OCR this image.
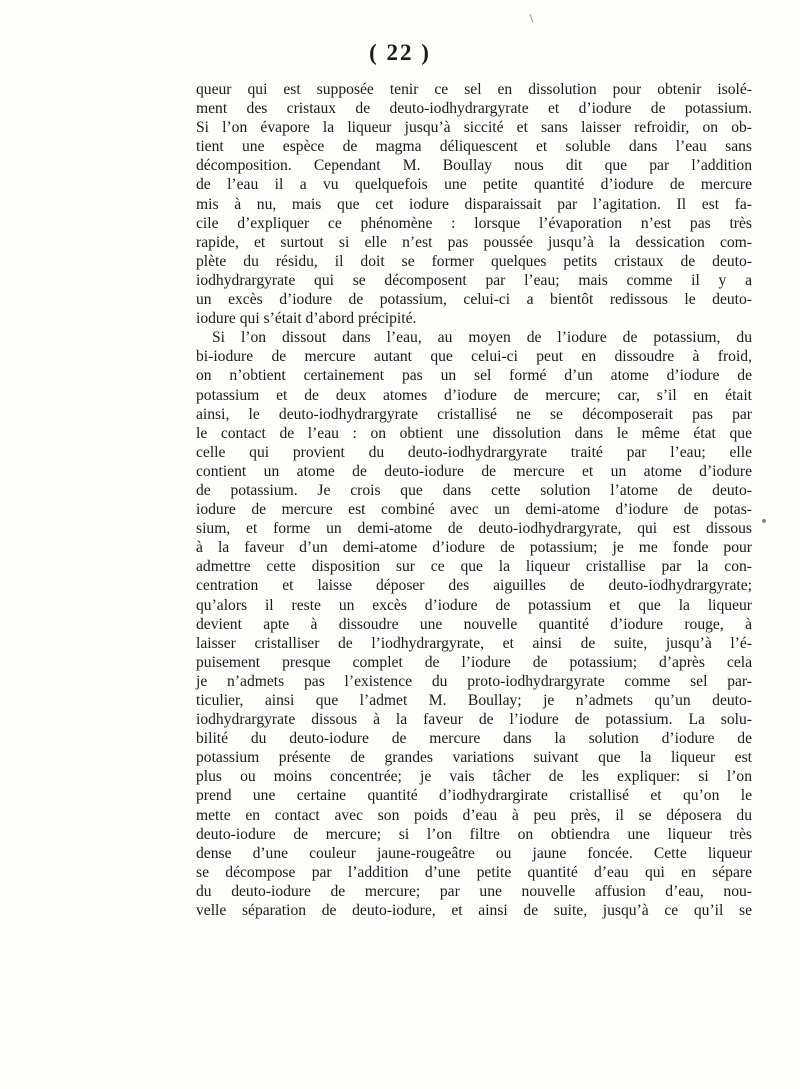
( 22 )
queur qui est supposée tenir ce sel en dissolution pour obtenir isolé-
ment des cristaux de deuto-iodhydrargyrate et d’iodure de potassium.
Si l’on évapore la liqueur jusqu’à siccité et sans laisser refroidir, on ob-
tient une espèce de magma déliquescent et soluble dans l’eau sans
décomposition. Cependant M. Boullay nous dit que par l’addition
de l’eau il a vu quelquefois une petite quantité d’iodure de mercure
mis à nu, mais que cet iodure disparaissait par l’agitation. Il est fa-
cile d’expliquer ce phénomène : lorsque l’évaporation n’est pas très
rapide, et surtout si elle n’est pas poussée jusqu’à la dessication com-
plète du résidu, il doit se former quelques petits cristaux de deuto-
iodhydrargyrate qui se décomposent par l’eau; mais comme il y a
un excès d’iodure de potassium, celui-ci a bientôt redissous le deuto-
iodure qui s’était d’abord précipité.
Si l’on dissout dans l’eau, au moyen de l’iodure de potassium, du
bi-iodure de mercure autant que celui-ci peut en dissoudre à froid,
on n’obtient certainement pas un sel formé d’un atome d’iodure de
potassium et de deux atomes d’iodure de mercure; car, s’il en était
ainsi, le deuto-iodhydrargyrate cristallisé ne se décomposerait pas par
le contact de l’eau : on obtient une dissolution dans le même état que
celle qui provient du deuto-iodhydrargyrate traité par l’eau; elle
contient un atome de deuto-iodure de mercure et un atome d’iodure
de potassium. Je crois que dans cette solution l’atome de deuto-
iodure de mercure est combiné avec un demi-atome d’iodure de potas-
sium, et forme un demi-atome de deuto-iodhydrargyrate, qui est dissous
à la faveur d’un demi-atome d’iodure de potassium; je me fonde pour
admettre cette disposition sur ce que la liqueur cristallise par la con-
centration et laisse déposer des aiguilles de deuto-iodhydrargyrate;
qu’alors il reste un excès d’iodure de potassium et que la liqueur
devient apte à dissoudre une nouvelle quantité d’iodure rouge, à
laisser cristalliser de l’iodhydrargyrate, et ainsi de suite, jusqu’à l’é-
puisement presque complet de l’iodure de potassium; d’après cela
je n’admets pas l’existence du proto-iodhydrargyrate comme sel par-
ticulier, ainsi que l’admet M. Boullay; je n’admets qu’un deuto-
iodhydrargyrate dissous à la faveur de l’iodure de potassium. La solu-
bilité du deuto-iodure de mercure dans la solution d’iodure de
potassium présente de grandes variations suivant que la liqueur est
plus ou moins concentrée; je vais tâcher de les expliquer: si l’on
prend une certaine quantité d’iodhydrargirate cristallisé et qu’on le
mette en contact avec son poids d’eau à peu près, il se déposera du
deuto-iodure de mercure; si l’on filtre on obtiendra une liqueur très
dense d’une couleur jaune-rougeâtre ou jaune foncée. Cette liqueur
se décompose par l’addition d’une petite quantité d’eau qui en sépare
du deuto-iodure de mercure; par une nouvelle affusion d’eau, nou-
velle séparation de deuto-iodure, et ainsi de suite, jusqu’à ce qu’il se
